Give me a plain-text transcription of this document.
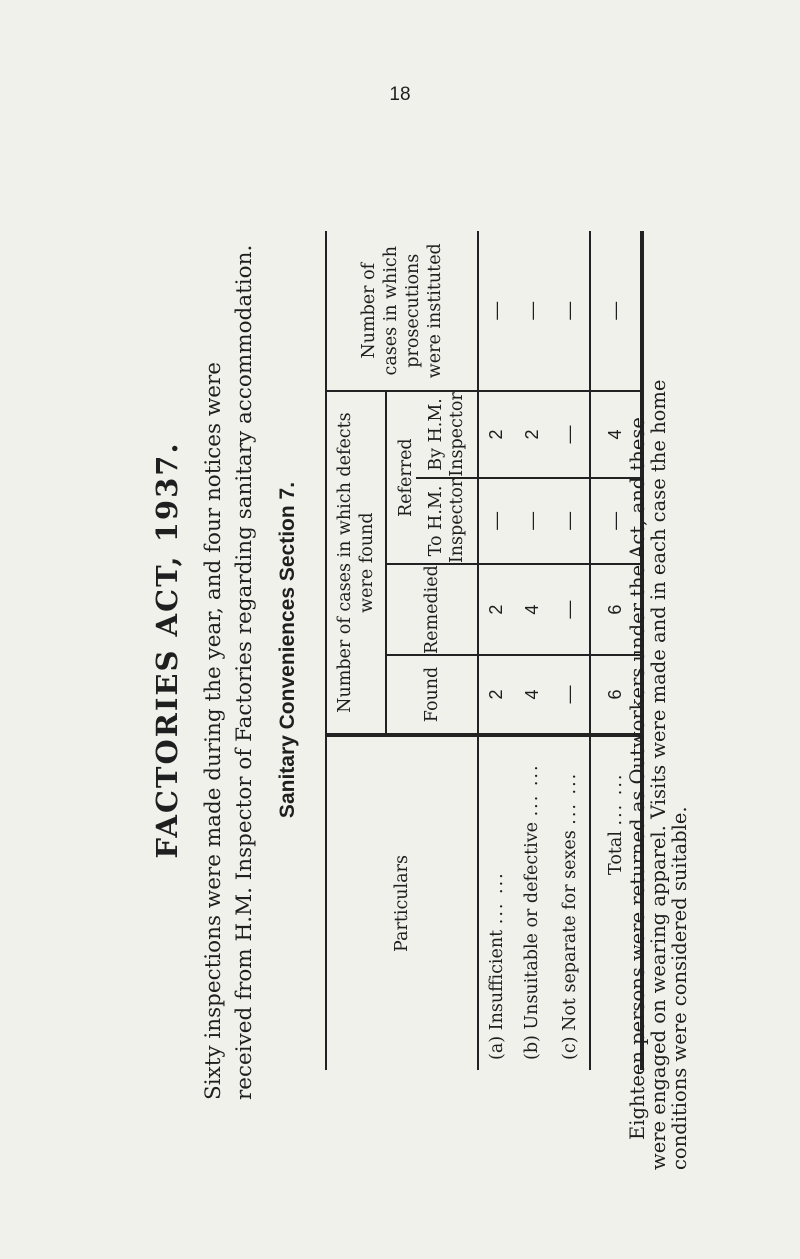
18
FACTORIES ACT, 1937. Sixty inspections were made during the year, and four notices were received from H.M. Inspector of Factories regarding sanitary accommodation. Sanitary Conveniences Section 7.
Particulars	Number of cases in which defects were found				Number of cases in which prosecutions were instituted
	Found	Remedied	Referred		
			To H.M. Inspector	By H.M. Inspector	
(a) Insufficient ... ...	2	2	—	2	—
(b) Unsuitable or defective ... ...	4	4	—	2	—
(c) Not separate for sexes ... ...	—	—	—	—	—
Total ... ...	6	6	—	4	—
Eighteen persons were returned as Outworkers under the Act, and these
were engaged on wearing apparel. Visits were made and in each case the home
conditions were considered suitable.
